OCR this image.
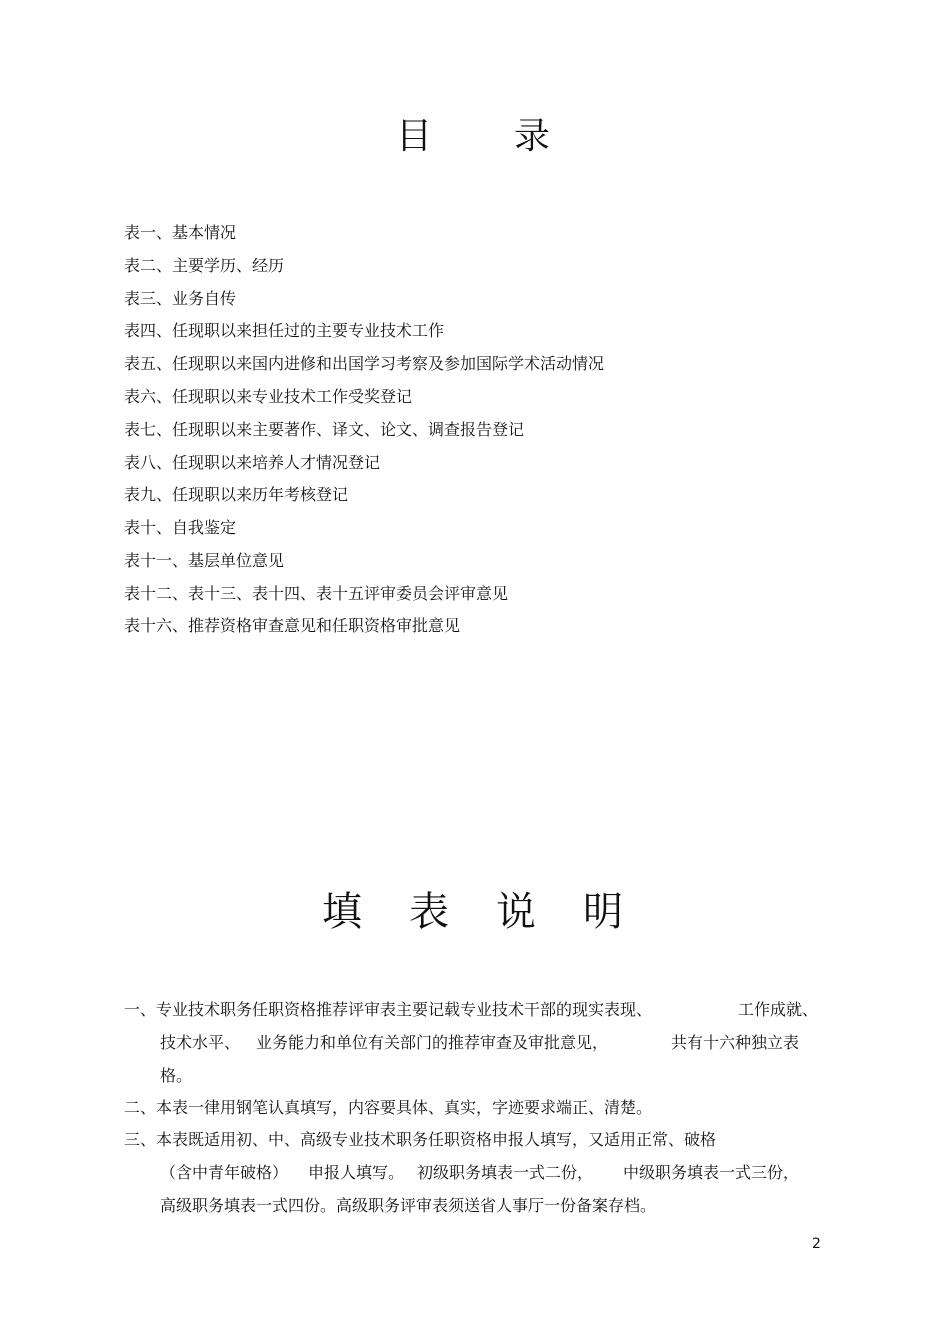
目 录
表一、基本情况
表二、主要学历、经历
表三、业务自传
表四、任现职以来担任过的主要专业技术工作
表五、任现职以来国内进修和出国学习考察及参加国际学术活动情况
表六、任现职以来专业技术工作受奖登记
表七、任现职以来主要著作、译文、论文、调查报告登记
表八、任现职以来培养人才情况登记
表九、任现职以来历年考核登记
表十、自我鉴定
表十一、基层单位意见
表十二、表十三、表十四、表十五评审委员会评审意见
表十六、推荐资格审查意见和任职资格审批意见
填 表 说 明
一、专业技术职务任职资格推荐评审表主要记载专业技术干部的现实表现、	工作成就、
技术水平、 业务能力和单位有关部门的推荐审查及审批意见，	共有十六种独立表
格。
二、本表一律用钢笔认真填写，内容要具体、真实，字迹要求端正、清楚。
三、本表既适用初、中、高级专业技术职务任职资格申报人填写，又适用正常、破格
（含中青年破格） 申报人填写。 初级职务填表一式二份， 中级职务填表一式三份，
高级职务填表一式四份。高级职务评审表须送省人事厅一份备案存档。
2
